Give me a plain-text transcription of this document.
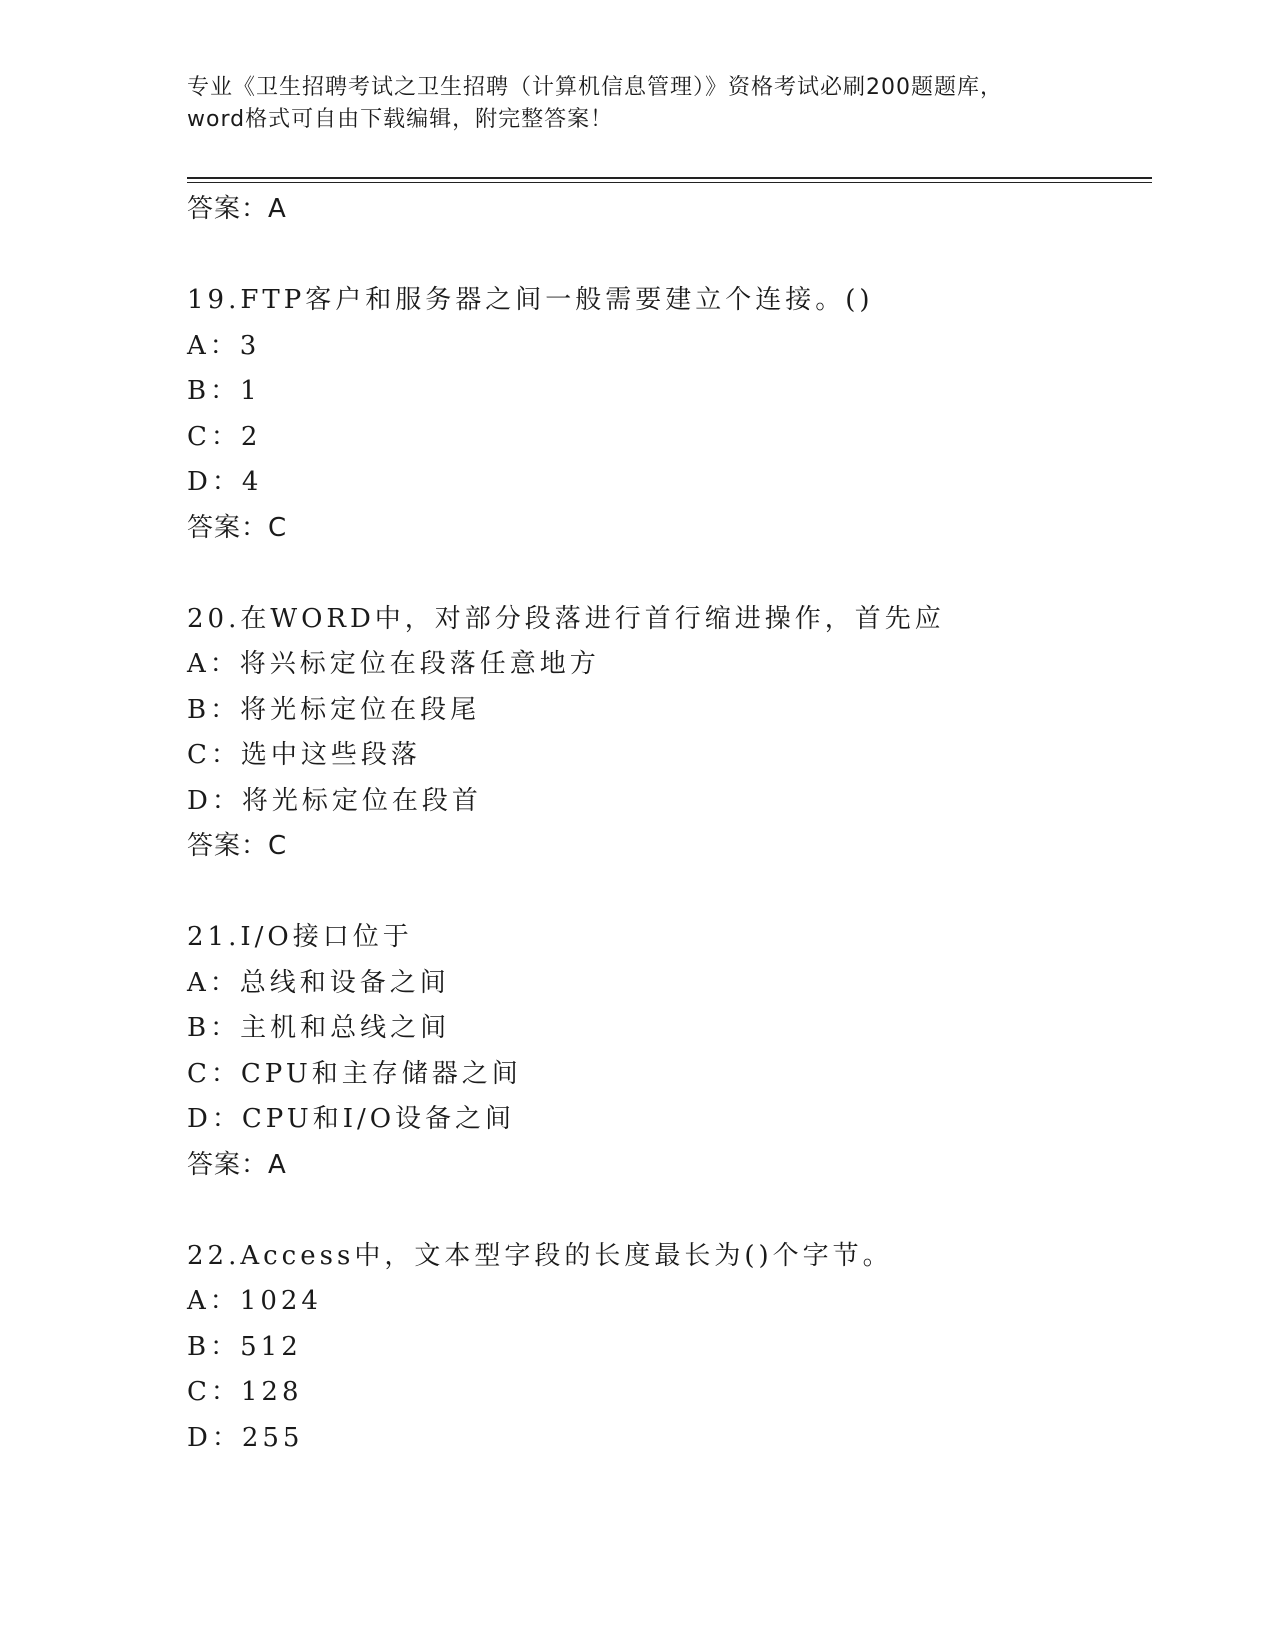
专业《卫生招聘考试之卫生招聘（计算机信息管理）》资格考试必刷200题题库，
word格式可自由下载编辑，附完整答案！
答案：A
19.FTP客户和服务器之间一般需要建立个连接。()
A：3
B：1
C：2
D：4
答案：C
20.在WORD中，对部分段落进行首行缩进操作，首先应
A：将兴标定位在段落任意地方
B：将光标定位在段尾
C：选中这些段落
D：将光标定位在段首
答案：C
21.I/O接口位于
A：总线和设备之间
B：主机和总线之间
C：CPU和主存储器之间
D：CPU和I/O设备之间
答案：A
22.Access中，文本型字段的长度最长为()个字节。
A：1024
B：512
C：128
D：255
